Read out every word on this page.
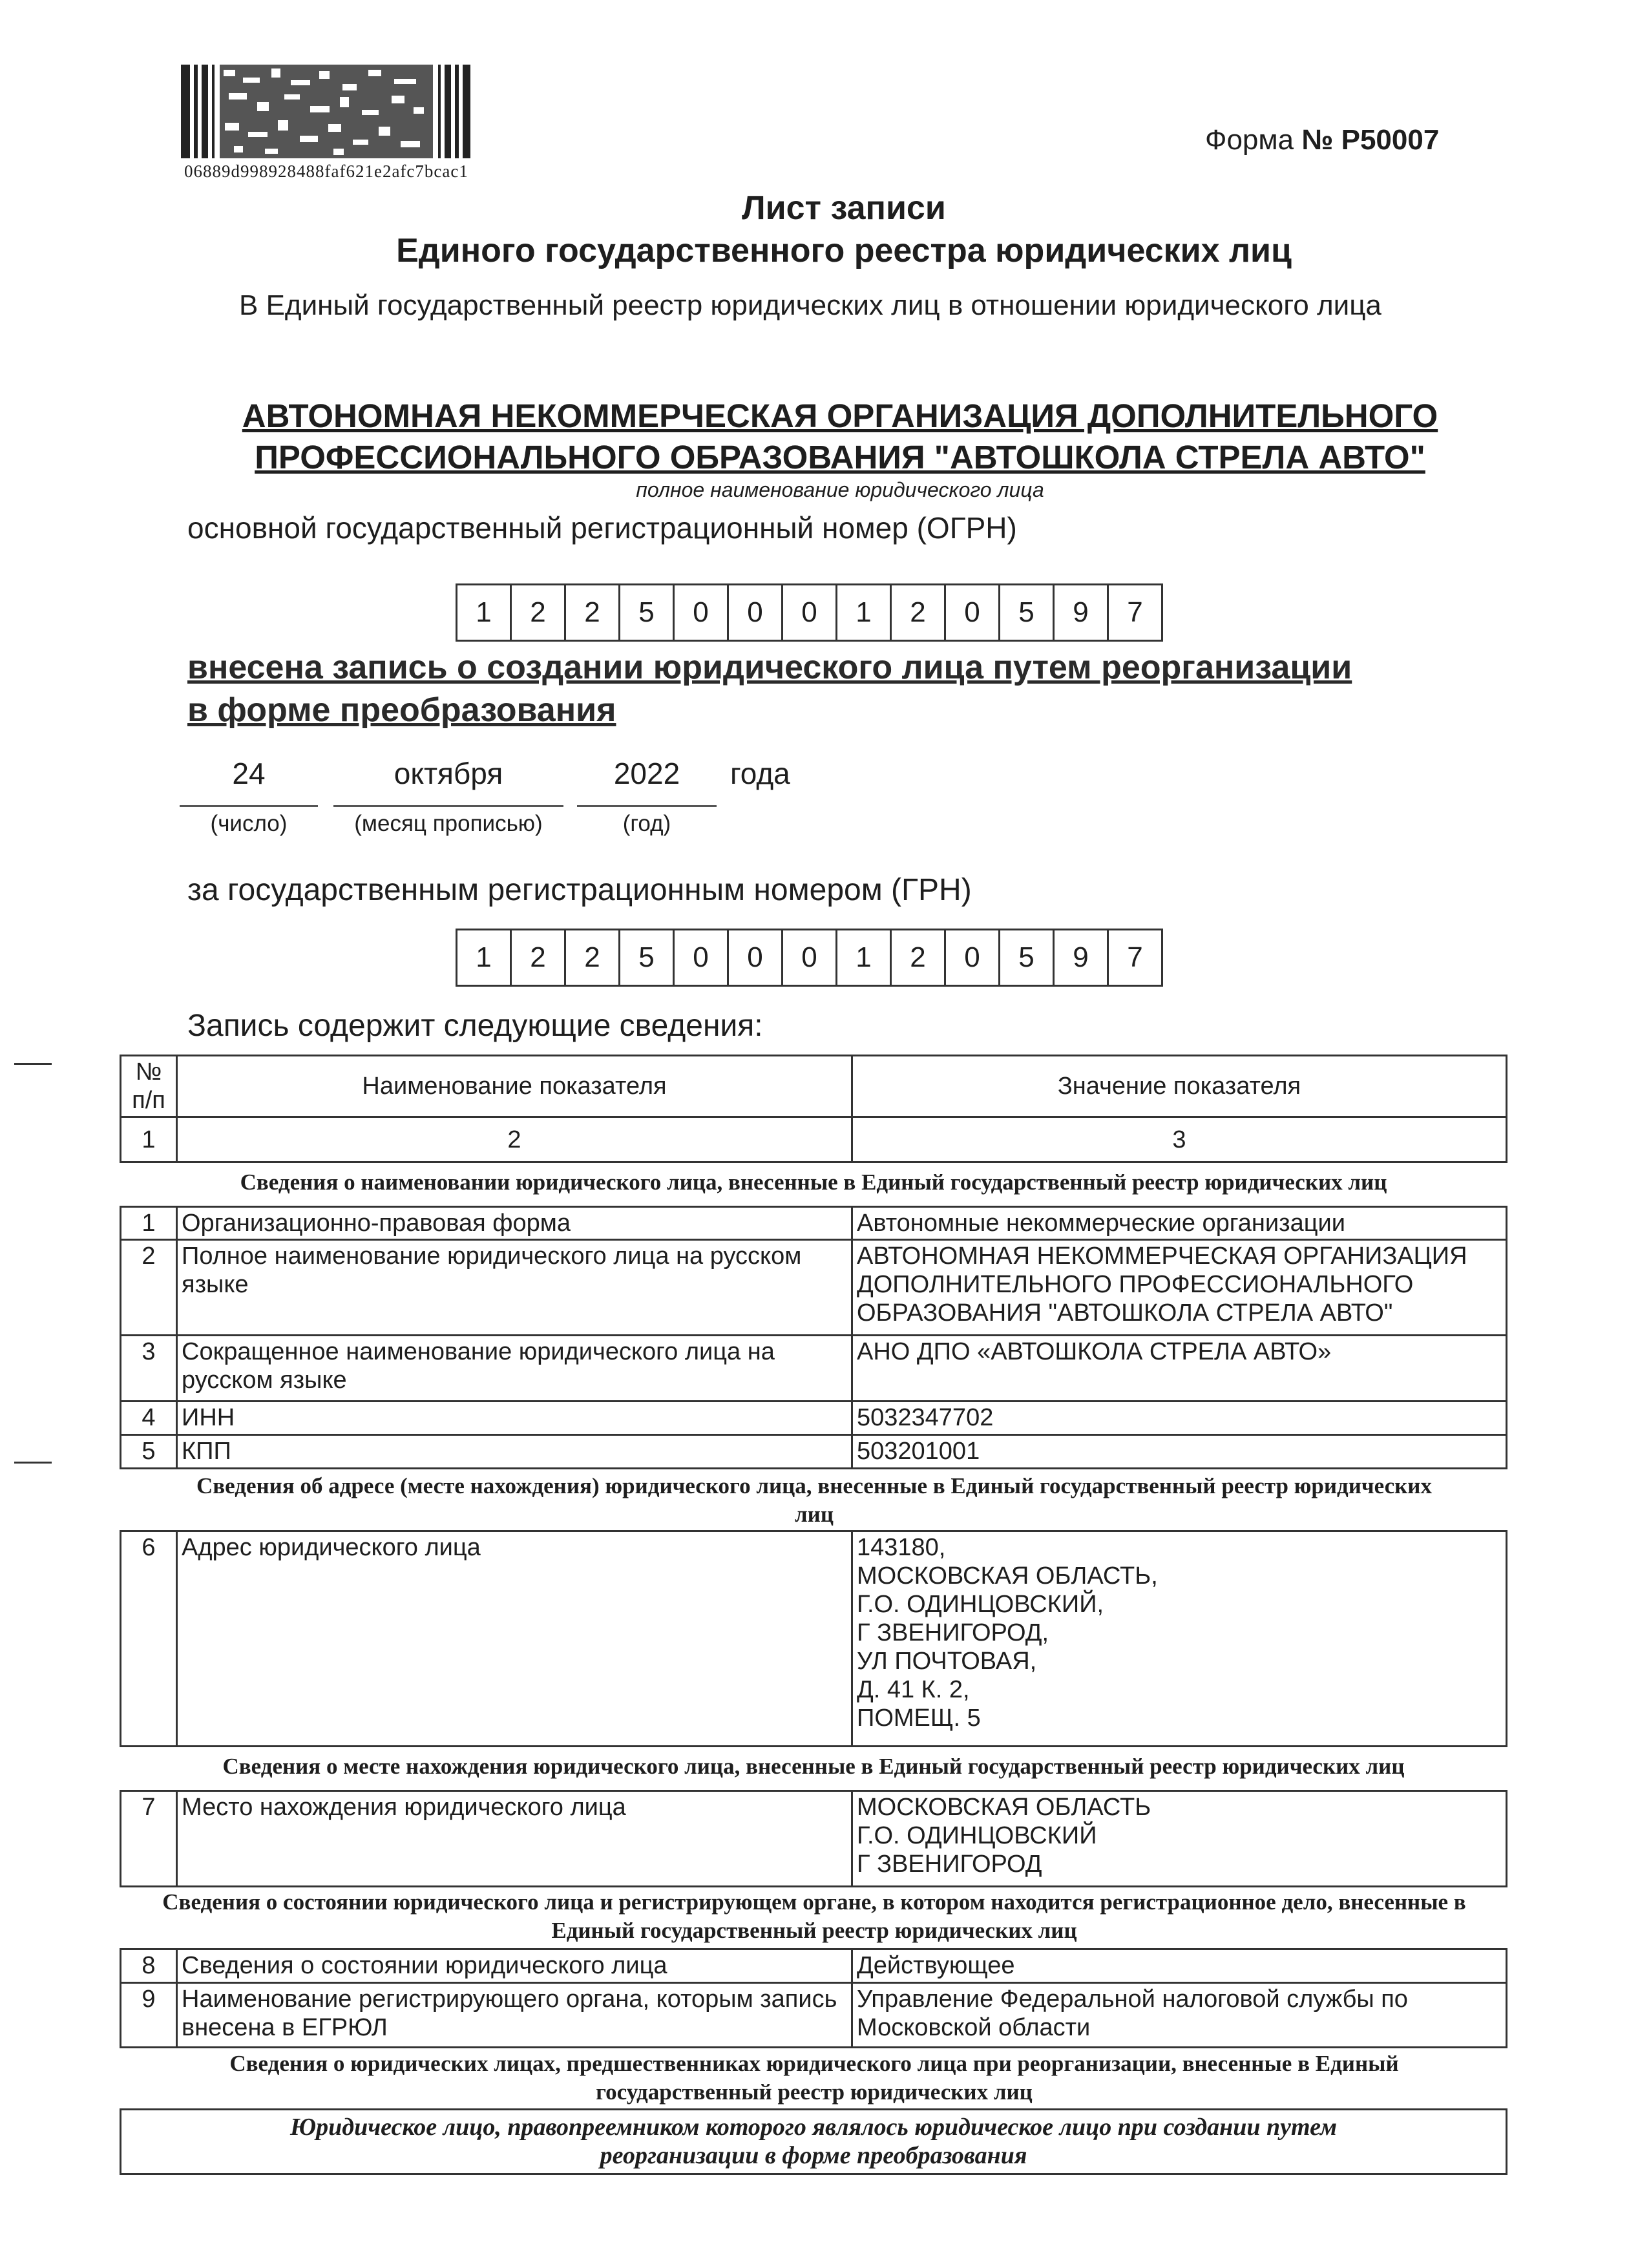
06889d998928488faf621e2afc7bcac1
Форма № Р50007
Лист записи
Единого государственного реестра юридических лиц
В Единый государственный реестр юридических лиц в отношении юридического лица
АВТОНОМНАЯ НЕКОММЕРЧЕСКАЯ ОРГАНИЗАЦИЯ ДОПОЛНИТЕЛЬНОГО
ПРОФЕССИОНАЛЬНОГО ОБРАЗОВАНИЯ "АВТОШКОЛА СТРЕЛА АВТО"
полное наименование юридического лица
основной государственный регистрационный номер (ОГРН)
1	2	2	5	0	0	0	1	2	0	5	9	7
внесена запись о создании юридического лица путем реорганизации
в форме преобразования
24	октября	2022	года
(число)	(месяц прописью)	(год)
за государственным регистрационным номером (ГРН)
1	2	2	5	0	0	0	1	2	0	5	9	7
Запись содержит следующие сведения:
№ п/п	Наименование показателя	Значение показателя
1	2	3
Сведения о наименовании юридического лица, внесенные в Единый государственный реестр юридических лиц
1	Организационно-правовая форма	Автономные некоммерческие организации
2	Полное наименование юридического лица на русском языке	АВТОНОМНАЯ НЕКОММЕРЧЕСКАЯ ОРГАНИЗАЦИЯ ДОПОЛНИТЕЛЬНОГО ПРОФЕССИОНАЛЬНОГО ОБРАЗОВАНИЯ "АВТОШКОЛА СТРЕЛА АВТО"
3	Сокращенное наименование юридического лица на русском языке	АНО ДПО «АВТОШКОЛА СТРЕЛА АВТО»
4	ИНН	5032347702
5	КПП	503201001
Сведения об адресе (месте нахождения) юридического лица, внесенные в Единый государственный реестр юридических лиц
6	Адрес юридического лица	143180,
МОСКОВСКАЯ ОБЛАСТЬ,
Г.О. ОДИНЦОВСКИЙ,
Г ЗВЕНИГОРОД,
УЛ ПОЧТОВАЯ,
Д. 41 К. 2,
ПОМЕЩ. 5
Сведения о месте нахождения юридического лица, внесенные в Единый государственный реестр юридических лиц
7	Место нахождения юридического лица	МОСКОВСКАЯ ОБЛАСТЬ
Г.О. ОДИНЦОВСКИЙ
Г ЗВЕНИГОРОД
Сведения о состоянии юридического лица и регистрирующем органе, в котором находится регистрационное дело, внесенные в Единый государственный реестр юридических лиц
8	Сведения о состоянии юридического лица	Действующее
9	Наименование регистрирующего органа, которым запись внесена в ЕГРЮЛ	Управление Федеральной налоговой службы по Московской области
Сведения о юридических лицах, предшественниках юридического лица при реорганизации, внесенные в Единый государственный реестр юридических лиц
Юридическое лицо, правопреемником которого являлось юридическое лицо при создании путем реорганизации в форме преобразования
